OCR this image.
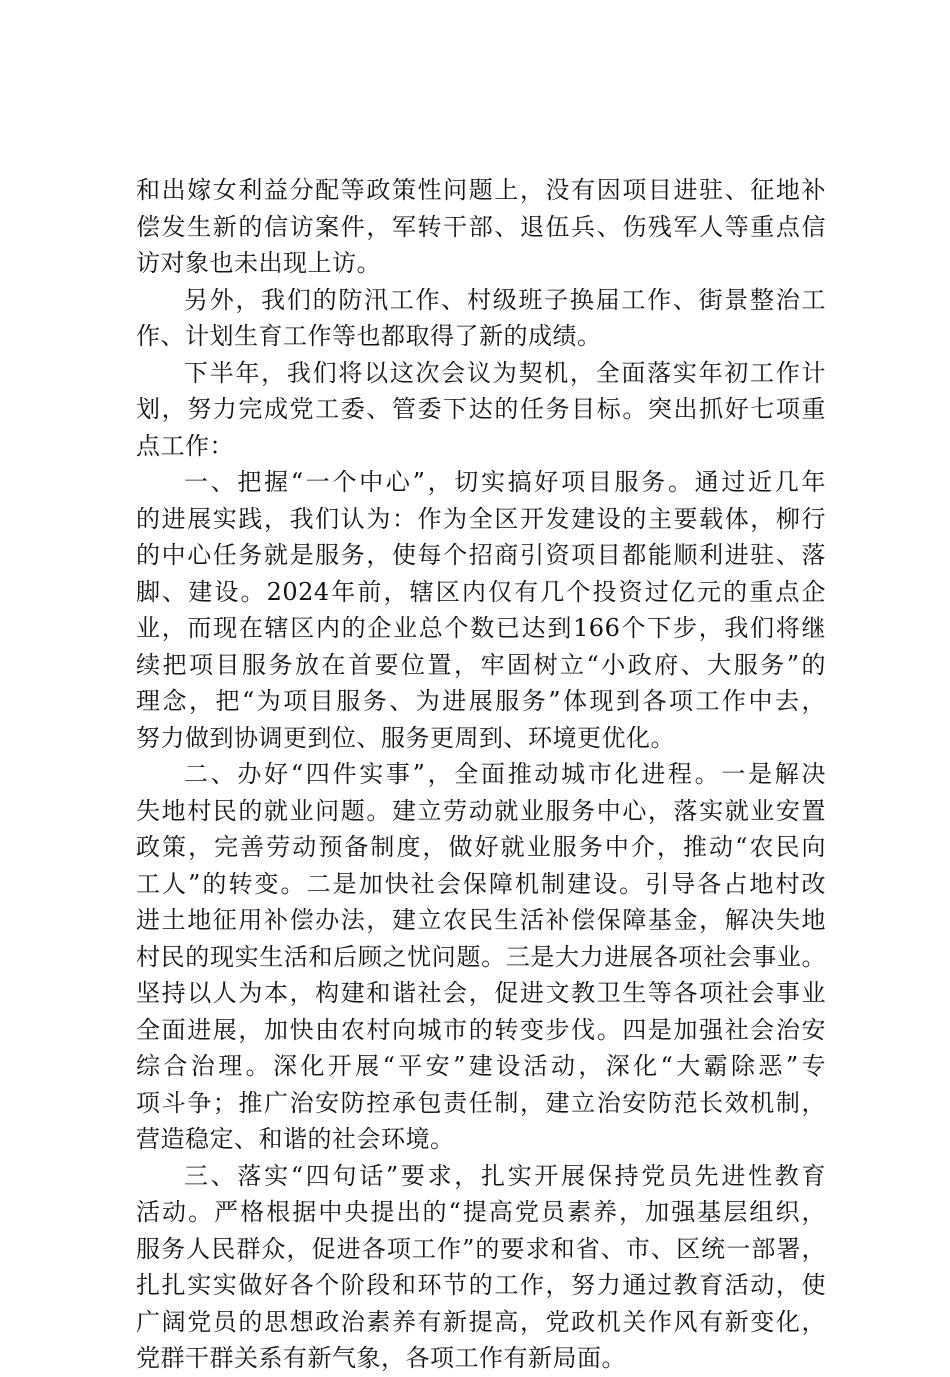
和出嫁女利益分配等政策性问题上，没有因项目进驻、征地补
偿发生新的信访案件，军转干部、退伍兵、伤残军人等重点信
访对象也未出现上访。
另外，我们的防汛工作、村级班子换届工作、街景整治工
作、计划生育工作等也都取得了新的成绩。
下半年，我们将以这次会议为契机，全面落实年初工作计
划，努力完成党工委、管委下达的任务目标。突出抓好七项重
点工作：
一、把握“一个中心”，切实搞好项目服务。通过近几年
的进展实践，我们认为：作为全区开发建设的主要载体，柳行
的中心任务就是服务，使每个招商引资项目都能顺利进驻、落
脚、建设。2024年前，辖区内仅有几个投资过亿元的重点企
业，而现在辖区内的企业总个数已达到166个下步，我们将继
续把项目服务放在首要位置，牢固树立“小政府、大服务”的
理念，把“为项目服务、为进展服务”体现到各项工作中去，
努力做到协调更到位、服务更周到、环境更优化。
二、办好“四件实事”，全面推动城市化进程。一是解决
失地村民的就业问题。建立劳动就业服务中心，落实就业安置
政策，完善劳动预备制度，做好就业服务中介，推动“农民向
工人”的转变。二是加快社会保障机制建设。引导各占地村改
进土地征用补偿办法，建立农民生活补偿保障基金，解决失地
村民的现实生活和后顾之忧问题。三是大力进展各项社会事业。
坚持以人为本，构建和谐社会，促进文教卫生等各项社会事业
全面进展，加快由农村向城市的转变步伐。四是加强社会治安
综合治理。深化开展“平安”建设活动，深化“大霸除恶”专
项斗争；推广治安防控承包责任制，建立治安防范长效机制，
营造稳定、和谐的社会环境。
三、落实“四句话”要求，扎实开展保持党员先进性教育
活动。严格根据中央提出的“提高党员素养，加强基层组织，
服务人民群众，促进各项工作”的要求和省、市、区统一部署，
扎扎实实做好各个阶段和环节的工作，努力通过教育活动，使
广阔党员的思想政治素养有新提高，党政机关作风有新变化，
党群干群关系有新气象，各项工作有新局面。
